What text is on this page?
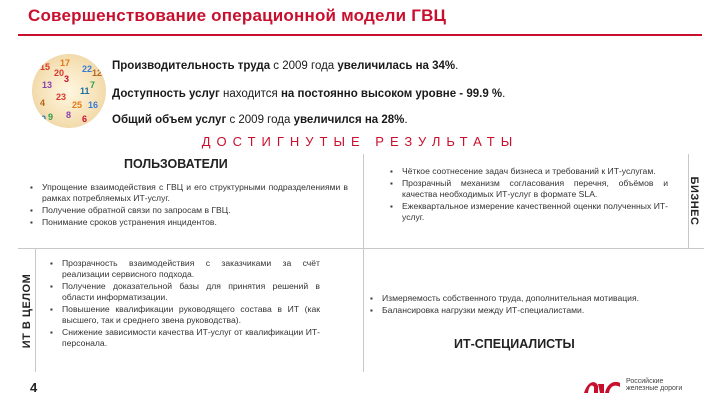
Совершенствование операционной модели ГВЦ
15 17
22
7
13
3
11
4
23
25 16
9 8 6
19
12
20
Производительность труда с 2009 года увеличилась на 34%.
Доступность услуг находится на постоянно высоком уровне - 99.9 %.
Общий объем услуг с 2009 года увеличился на 28%.
ДОСТИГНУТЫЕ РЕЗУЛЬТАТЫ
ИТ В ЦЕЛОМ
БИЗНЕС
ПОЛЬЗОВАТЕЛИ
▪ Упрощение взаимодействия с ГВЦ и его структурными подразделениями в рамках потребляемых ИТ-услуг.
▪ Получение обратной связи по запросам в ГВЦ.
▪ Понимание сроков устранения инцидентов.
▪ Чёткое соотнесение задач бизнеса и требований к ИТ-услугам.
▪ Прозрачный механизм согласования перечня, объёмов и качества необходимых ИТ-услуг в формате SLA.
▪ Ежеквартальное измерение качественной оценки полученных ИТ-услуг.
▪ Прозрачность взаимодействия с заказчиками за счёт реализации сервисного подхода.
▪ Получение доказательной базы для принятия решений в области информатизации.
▪ Повышение квалификации руководящего состава в ИТ (как высшего, так и среднего звена руководства).
▪ Снижение зависимости качества ИТ-услуг от квалификации ИТ-персонала.
▪ Измеряемость собственного труда, дополнительная мотивация.
▪ Балансировка нагрузки между ИТ-специалистами.
ИТ-СПЕЦИАЛИСТЫ
4	Российские
железные дороги
